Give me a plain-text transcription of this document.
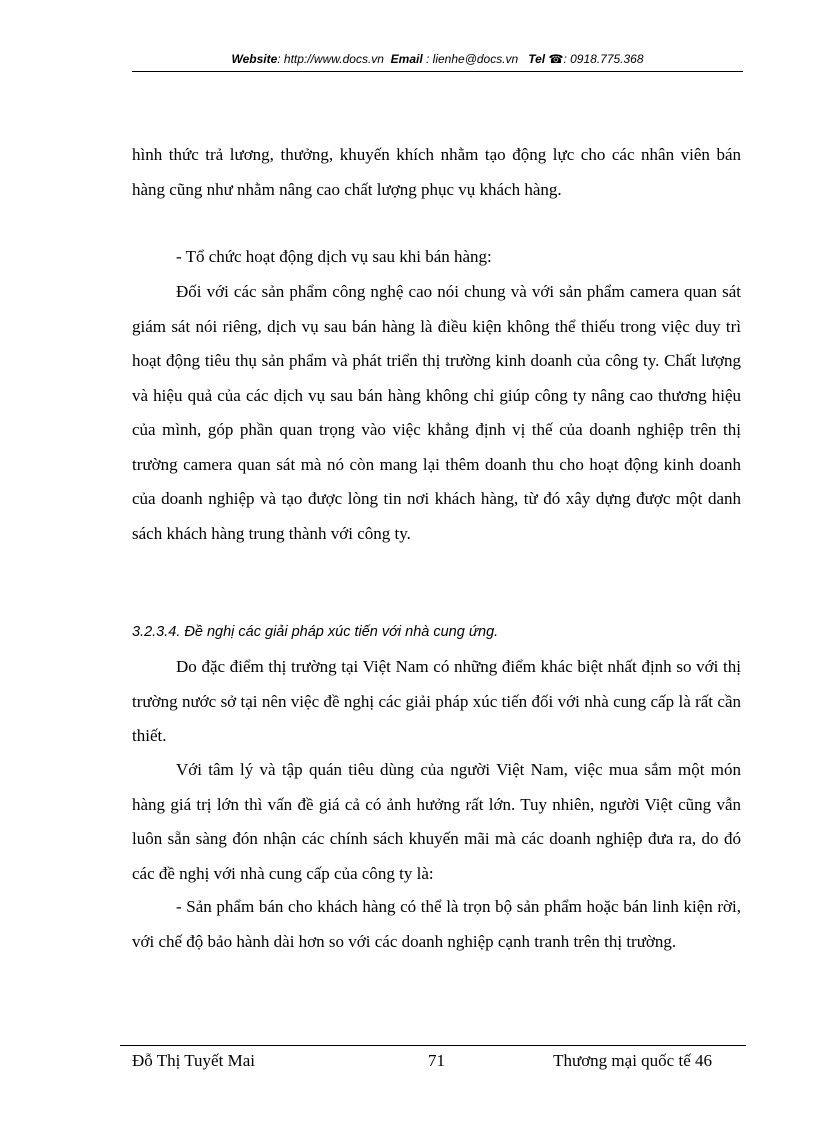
Website: http://www.docs.vn Email : lienhe@docs.vn Tel ☎: 0918.775.368

hình thức trả lương, thưởng, khuyến khích nhằm tạo động lực cho các nhân viên bán hàng cũng như nhằm nâng cao chất lượng phục vụ khách hàng.

- Tổ chức hoạt động dịch vụ sau khi bán hàng:

Đối với các sản phẩm công nghệ cao nói chung và với sản phẩm camera quan sát giám sát nói riêng, dịch vụ sau bán hàng là điều kiện không thể thiếu trong việc duy trì hoạt động tiêu thụ sản phẩm và phát triển thị trường kinh doanh của công ty. Chất lượng và hiệu quả của các dịch vụ sau bán hàng không chỉ giúp công ty nâng cao thương hiệu của mình, góp phần quan trọng vào việc khẳng định vị thế của doanh nghiệp trên thị trường camera quan sát mà nó còn mang lại thêm doanh thu cho hoạt động kinh doanh của doanh nghiệp và tạo được lòng tin nơi khách hàng, từ đó xây dựng được một danh sách khách hàng trung thành với công ty.

3.2.3.4. Đề nghị các giải pháp xúc tiến với nhà cung ứng.

Do đặc điểm thị trường tại Việt Nam có những điểm khác biệt nhất định so với thị trường nước sở tại nên việc đề nghị các giải pháp xúc tiến đối với nhà cung cấp là rất cần thiết.

Với tâm lý và tập quán tiêu dùng của người Việt Nam, việc mua sắm một món hàng giá trị lớn thì vấn đề giá cả có ảnh hưởng rất lớn. Tuy nhiên, người Việt cũng vẫn luôn sẵn sàng đón nhận các chính sách khuyến mãi mà các doanh nghiệp đưa ra, do đó các đề nghị với nhà cung cấp của công ty là:

- Sản phẩm bán cho khách hàng có thể là trọn bộ sản phẩm hoặc bán linh kiện rời, với chế độ bảo hành dài hơn so với các doanh nghiệp cạnh tranh trên thị trường.

Đỗ Thị Tuyết Mai	71	Thương mại quốc tế 46
